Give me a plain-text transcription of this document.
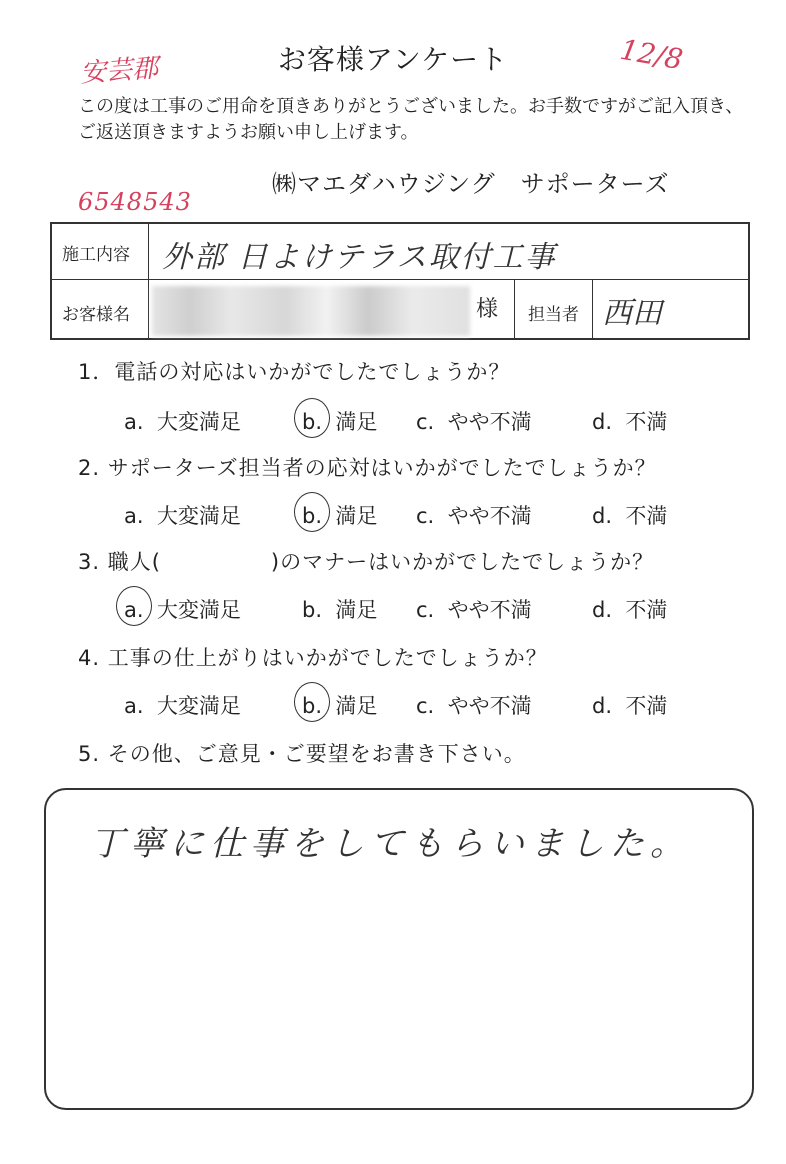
お客様アンケート
安芸郡	12/8
この度は工事のご用命を頂きありがとうございました。お手数ですがご記入頂き、ご返送頂きますようお願い申し上げます。
㈱マエダハウジング　サポーターズ
6548543
施工内容 外部 日よけテラス取付工事
お客様名	様 担当者 西田
1．電話の対応はいかがでしたでしょうか？
a. 大変満足	b. 満足 c. やや不満	d. 不満
2. サポーターズ担当者の応対はいかがでしたでしょうか？
a. 大変満足	b. 満足 c. やや不満	d. 不満
3. 職人(　　　　　)のマナーはいかがでしたでしょうか？
a. 大変満足	b. 満足 c. やや不満	d. 不満
4. 工事の仕上がりはいかがでしたでしょうか？
a. 大変満足	b. 満足 c. やや不満	d. 不満
5. その他、ご意見・ご要望をお書き下さい。
丁寧に仕事をしてもらいました。
